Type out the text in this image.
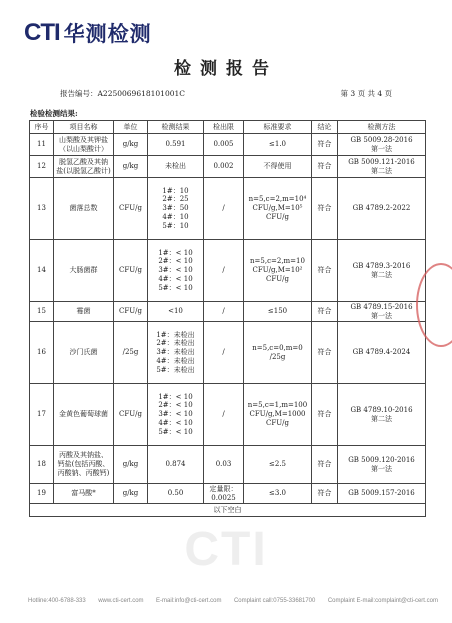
CTI 华测检测
检测报告
报告编号：A2250069618101001C	第 3 页 共 4 页
检验检测结果:
序号	项目名称	单位	检测结果	检出限	标准要求	结论	检测方法
11	山梨酸及其钾盐
（以山梨酸计）	g/kg	0.591	0.005	≤1.0	符合	GB 5009.28-2016
第一法

12	脱氢乙酸及其钠
盐(以脱氢乙酸计)	g/kg	未检出	0.002	不得使用	符合	GB 5009.121-2016
第二法

13	菌落总数	CFU/g	1#：10
2#：25
3#：50
4#：10
5#：10	/	n=5,c=2,m=10⁴
CFU/g,M=10⁵
CFU/g	符合	GB 4789.2-2022

14	大肠菌群	CFU/g	1#：< 10
2#：< 10
3#：< 10
4#：< 10
5#：< 10	/	n=5,c=2,m=10
CFU/g,M=10²
CFU/g	符合	GB 4789.3-2016
第二法

15	霉菌	CFU/g	<10	/	≤150	符合	GB 4789.15-2016
第一法

16	沙门氏菌	/25g	1#：未检出
2#：未检出
3#：未检出
4#：未检出
5#：未检出	/	n=5,c=0,m=0
/25g	符合	GB 4789.4-2024

17	金黄色葡萄球菌	CFU/g	1#：< 10
2#：< 10
3#：< 10
4#：< 10
5#：< 10	/	n=5,c=1,m=100
CFU/g,M=1000
CFU/g	符合	GB 4789.10-2016
第二法

18	丙酸及其钠盐、
钙盐(包括丙酸、
丙酸钠、丙酸钙)	g/kg	0.874	0.03	≤2.5	符合	GB 5009.120-2016
第一法

19	富马酸*	g/kg	0.50	定量限：0.0025	≤3.0	符合	GB 5009.157-2016

以下空白							
CTI
Hotline:400-6788-333 www.cti-cert.com E-mail:info@cti-cert.com Complaint call:0755-33681700 Complaint E-mail:complaint@cti-cert.com
